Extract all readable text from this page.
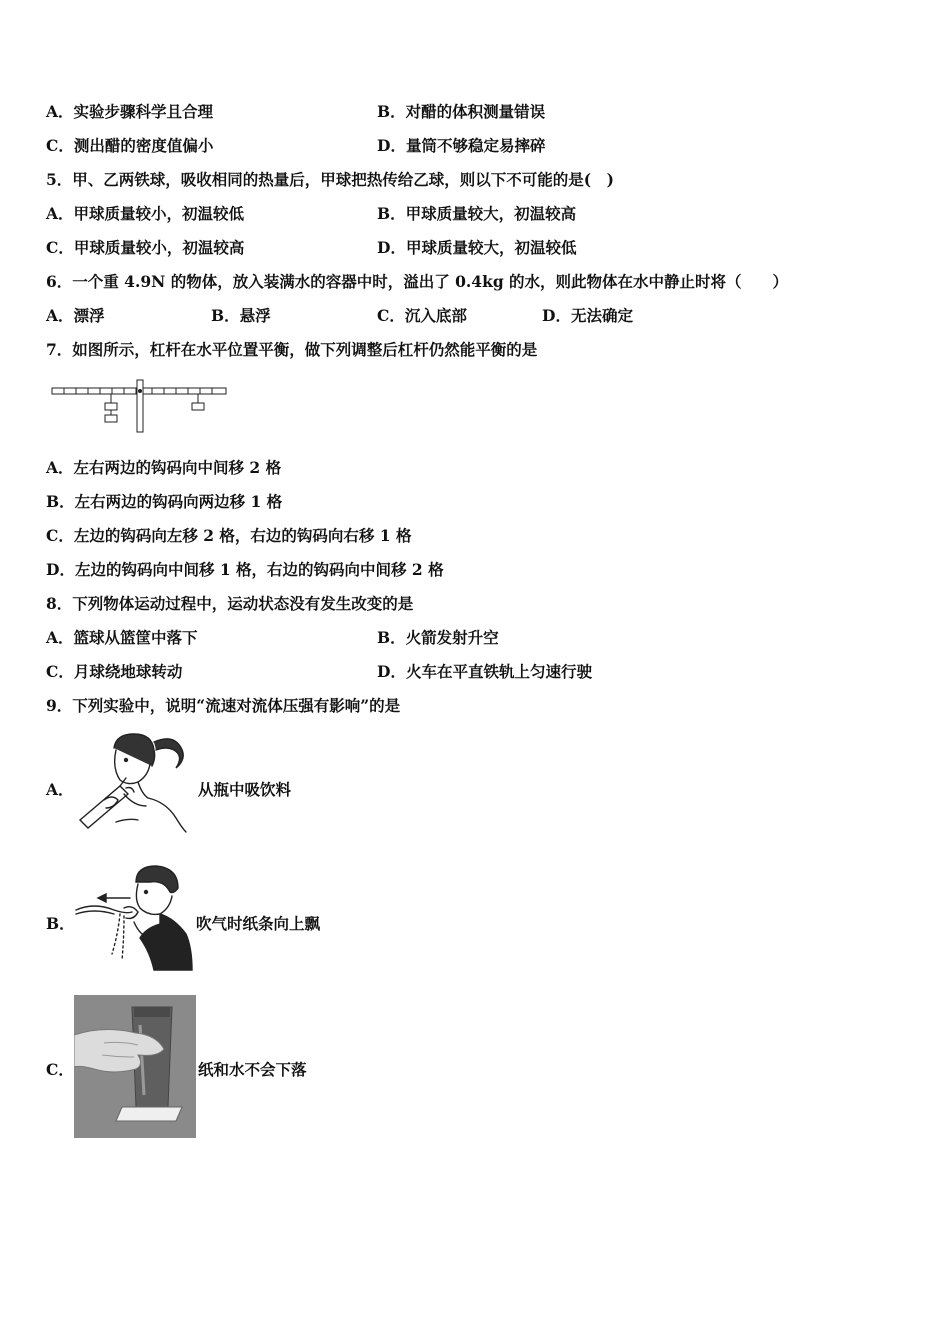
A．实验步骤科学且合理	B．对醋的体积测量错误
C．测出醋的密度值偏小	D．量筒不够稳定易摔碎
5．甲、乙两铁球，吸收相同的热量后，甲球把热传给乙球，则以下不可能的是(　)
A．甲球质量较小，初温较低	B．甲球质量较大，初温较高
C．甲球质量较小，初温较高	D．甲球质量较大，初温较低
6．一个重 4.9N 的物体，放入装满水的容器中时，溢出了 0.4kg 的水，则此物体在水中静止时将（　　）
A．漂浮	B．悬浮	C．沉入底部	D．无法确定
7．如图所示，杠杆在水平位置平衡，做下列调整后杠杆仍然能平衡的是
A．左右两边的钩码向中间移 2 格
B．左右两边的钩码向两边移 1 格
C．左边的钩码向左移 2 格，右边的钩码向右移 1 格
D．左边的钩码向中间移 1 格，右边的钩码向中间移 2 格
8．下列物体运动过程中，运动状态没有发生改变的是
A．篮球从篮筐中落下	B．火箭发射升空
C．月球绕地球转动	D．火车在平直铁轨上匀速行驶
9．下列实验中，说明“流速对流体压强有影响”的是
A．	从瓶中吸饮料
B．	吹气时纸条向上飘
C．	纸和水不会下落
